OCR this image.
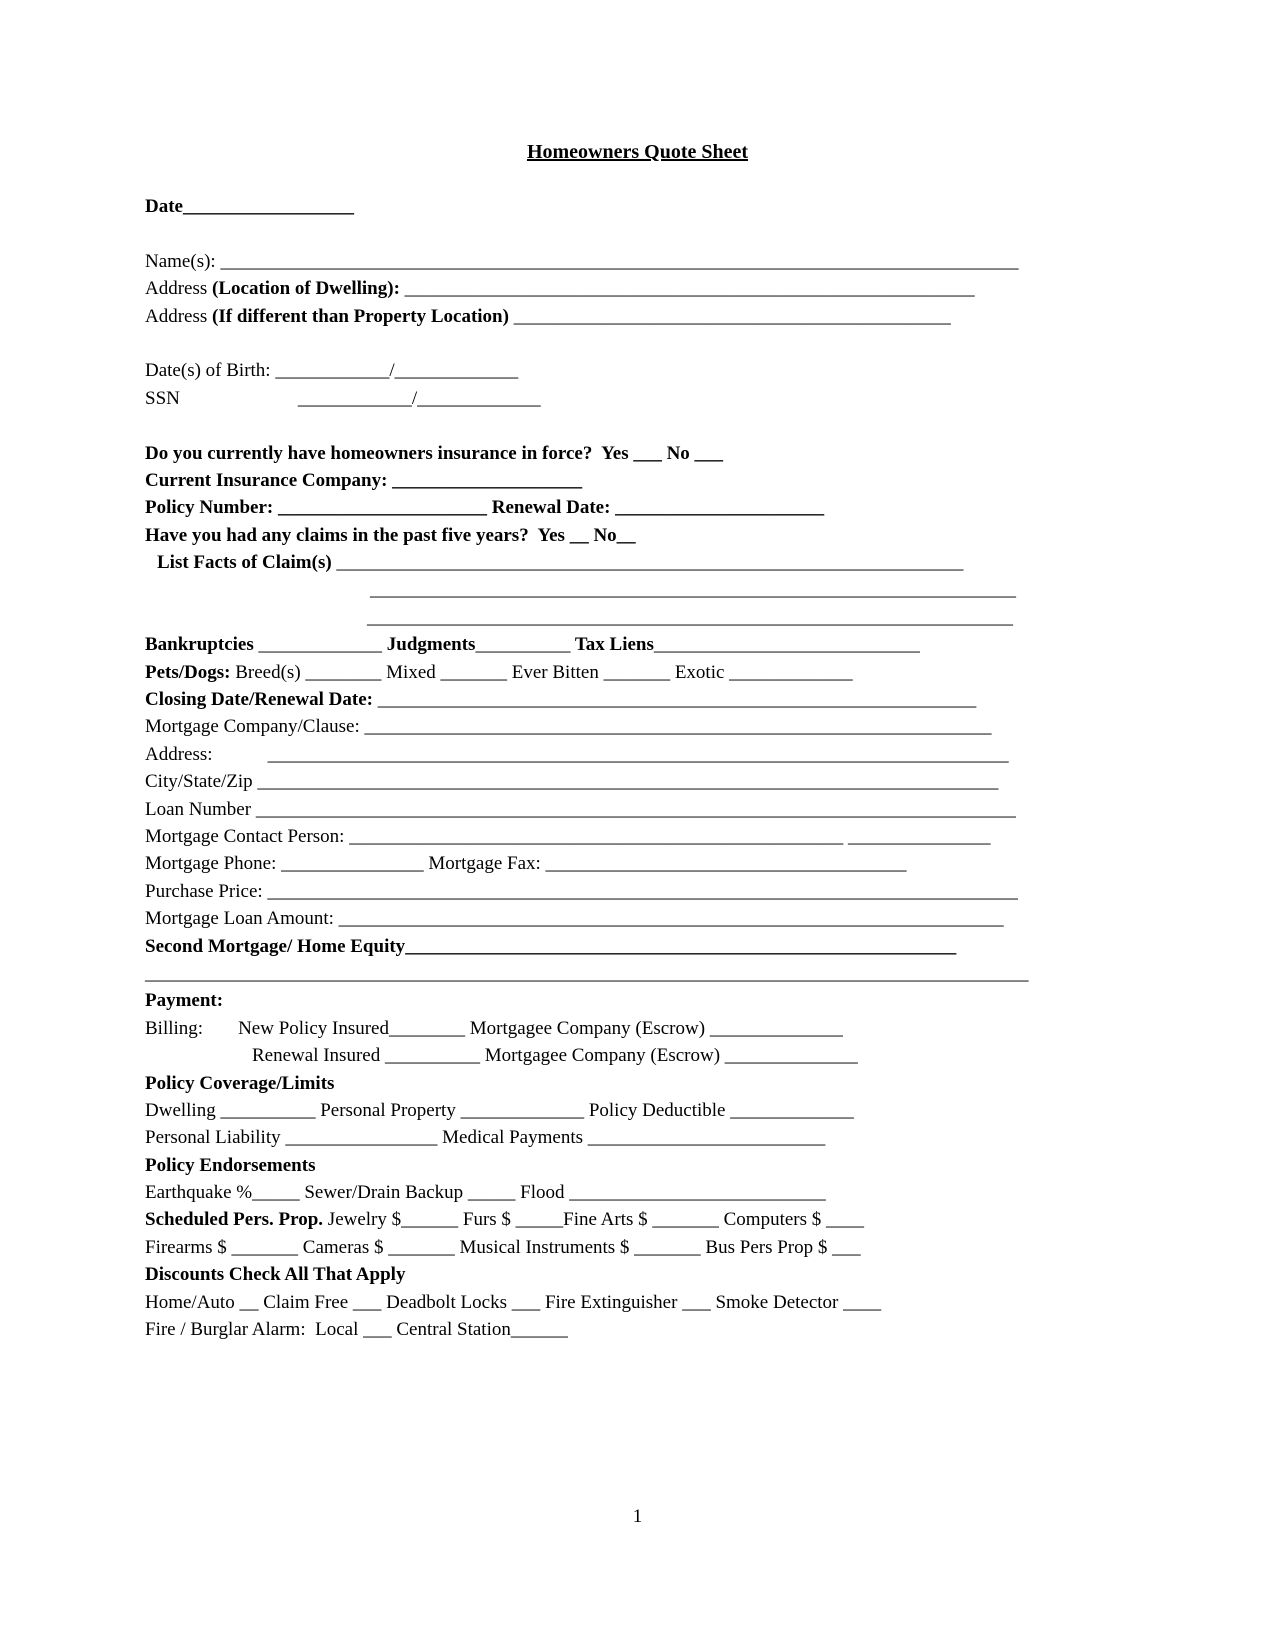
Homeowners Quote Sheet
Date__________________

Name(s): ____________________________________________________________________________________
Address (Location of Dwelling): ____________________________________________________________
Address (If different than Property Location) ______________________________________________

Date(s) of Birth: ____________/_____________
SSN	____________/_____________

Do you currently have homeowners insurance in force?  Yes ___ No ___
Current Insurance Company: ____________________
Policy Number: ______________________ Renewal Date: ______________________
Have you had any claims in the past five years?  Yes __ No__
List Facts of Claim(s) __________________________________________________________________
____________________________________________________________________
____________________________________________________________________
Bankruptcies _____________ Judgments__________ Tax Liens____________________________
Pets/Dogs: Breed(s) ________ Mixed _______ Ever Bitten _______ Exotic _____________
Closing Date/Renewal Date: _______________________________________________________________
Mortgage Company/Clause: __________________________________________________________________
Address:	______________________________________________________________________________
City/State/Zip ______________________________________________________________________________
Loan Number ________________________________________________________________________________
Mortgage Contact Person: ____________________________________________________ _______________
Mortgage Phone: _______________ Mortgage Fax: ______________________________________
Purchase Price: _______________________________________________________________________________
Mortgage Loan Amount: ______________________________________________________________________
Second Mortgage/ Home Equity__________________________________________________________
_____________________________________________________________________________________________
Payment:
Billing: New Policy Insured________ Mortgagee Company (Escrow) ______________
Renewal Insured __________ Mortgagee Company (Escrow) ______________
Policy Coverage/Limits
Dwelling __________ Personal Property _____________ Policy Deductible _____________
Personal Liability ________________ Medical Payments _________________________
Policy Endorsements
Earthquake %_____ Sewer/Drain Backup _____ Flood ___________________________
Scheduled Pers. Prop. Jewelry $______ Furs $ _____Fine Arts $ _______ Computers $ ____
Firearms $ _______ Cameras $ _______ Musical Instruments $ _______ Bus Pers Prop $ ___
Discounts Check All That Apply
Home/Auto __ Claim Free ___ Deadbolt Locks ___ Fire Extinguisher ___ Smoke Detector ____
Fire / Burglar Alarm:  Local ___ Central Station______
1
